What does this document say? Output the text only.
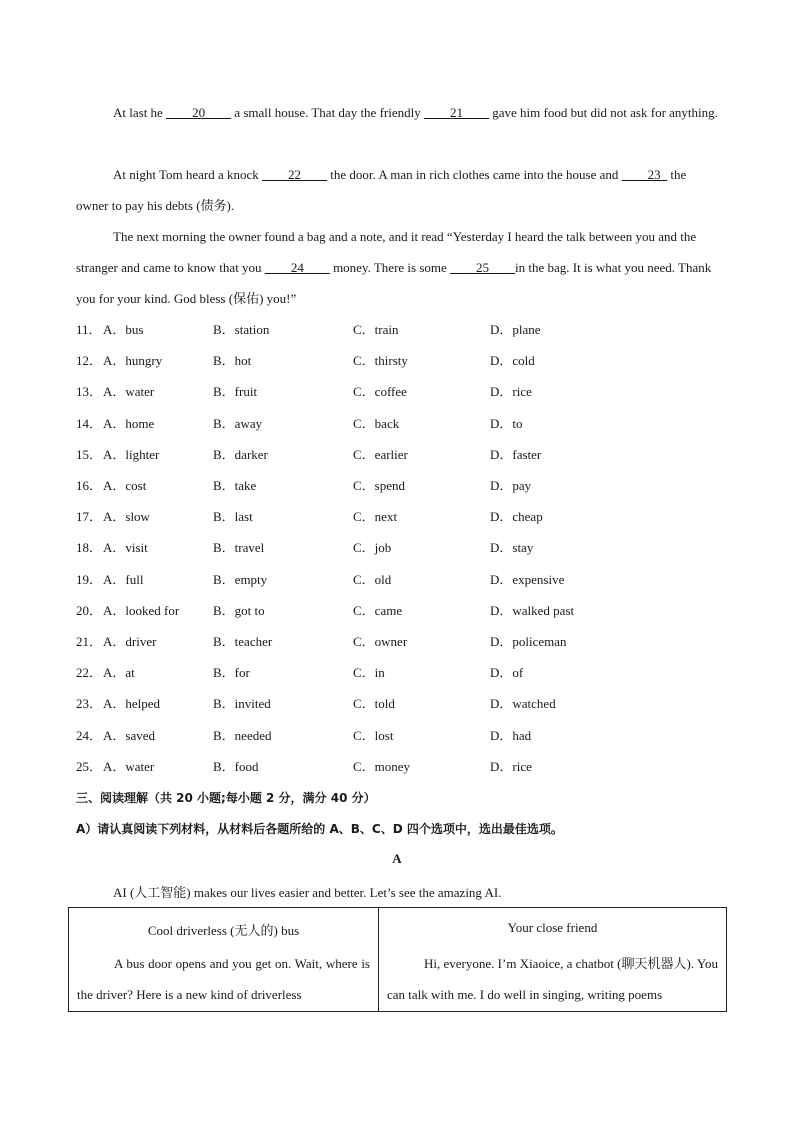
At last he ____20____ a small house. That day the friendly ____21____ gave him food but did not ask for anything.

At night Tom heard a knock ____22____ the door. A man in rich clothes came into the house and ____23_ the owner to pay his debts (债务).

The next morning the owner found a bag and a note, and it read “Yesterday I heard the talk between you and the stranger and came to know that you ____24____ money. There is some ____25____in the bag. It is what you need. Thank you for your kind. God bless (保佑) you!”

11． A．bus	B．station	C．train	D．plane
12． A．hungry	B．hot	C．thirsty	D．cold
13． A．water	B．fruit	C．coffee	D．rice
14． A．home	B．away	C．back	D．to
15． A．lighter	B．darker	C．earlier	D．faster
16． A．cost	B．take	C．spend	D．pay
17． A．slow	B．last	C．next	D．cheap
18． A．visit	B．travel	C．job	D．stay
19． A．full	B．empty	C．old	D．expensive
20． A．looked for	B．got to	C．came	D．walked past
21． A．driver	B．teacher	C．owner	D．policeman
22． A．at	B．for	C．in	D．of
23． A．helped	B．invited	C．told	D．watched
24． A．saved	B．needed	C．lost	D．had
25． A．water	B．food	C．money	D．rice
三、阅读理解（共 20 小题;每小题 2 分，满分 40 分）
A）请认真阅读下列材料，从材料后各题所给的 A、B、C、D 四个选项中，选出最佳选项。
A
AI (人工智能) makes our lives easier and better. Let’s see the amazing AI.
Cool driverless (无人的) bus
A bus door opens and you get on. Wait, where is the driver? Here is a new kind of driverless
Your close friend
Hi, everyone. I’m Xiaoice, a chatbot (聊天机器人). You can talk with me. I do well in singing, writing poems
